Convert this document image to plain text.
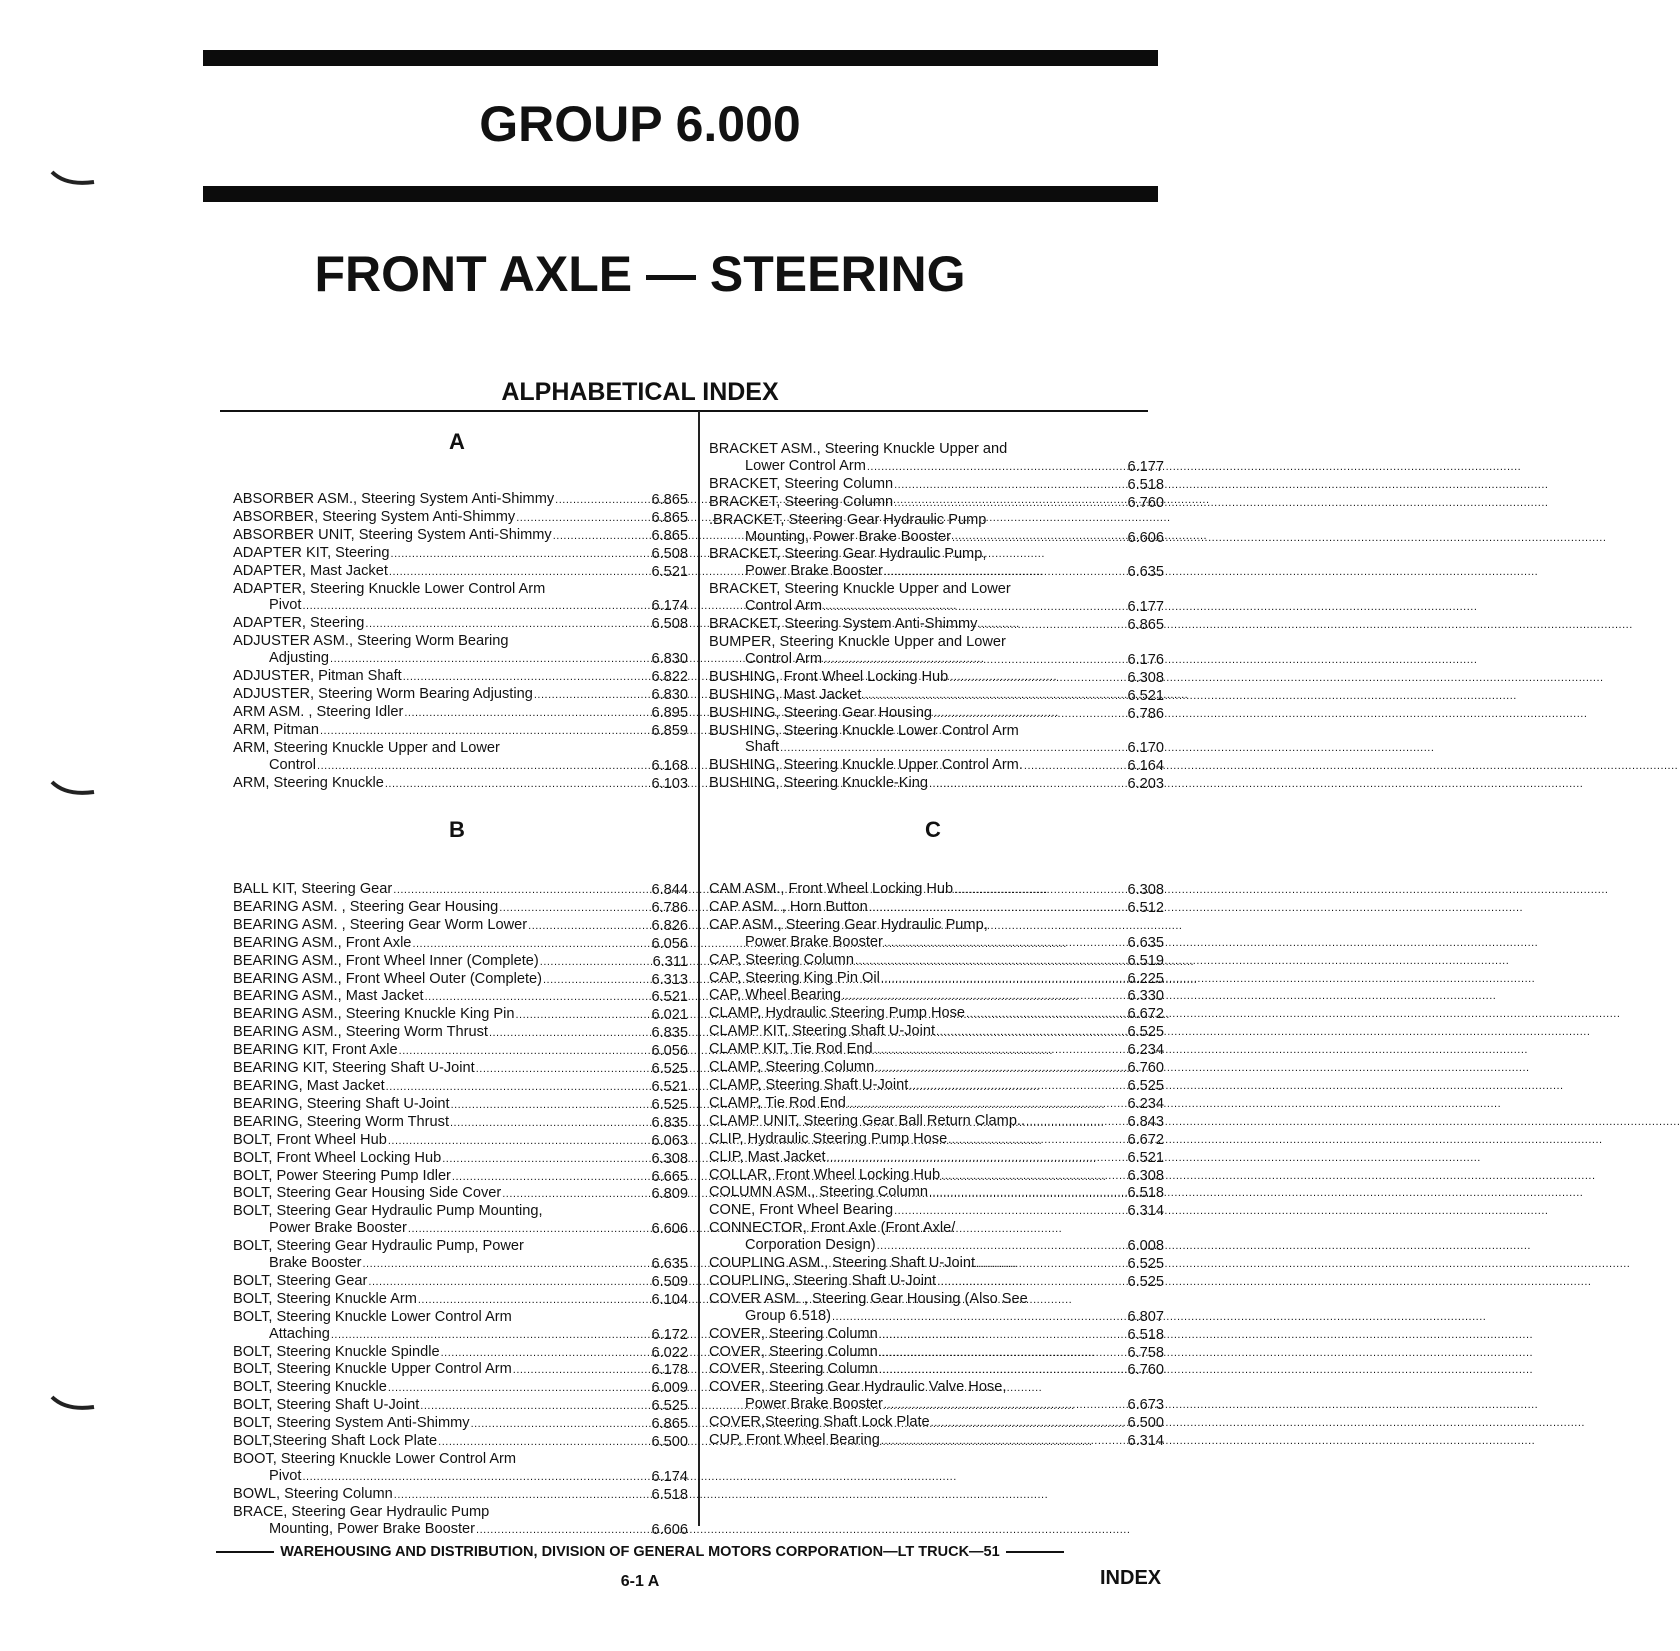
GROUP 6.000
FRONT AXLE — STEERING
ALPHABETICAL INDEX
A
B	C
ABSORBER ASM., Steering System Anti-Shimmy .....	6.865
ABSORBER, Steering System Anti-Shimmy .....	6.865
ABSORBER UNIT, Steering System Anti-Shimmy .....	6.865
ADAPTER KIT, Steering .....	6.508
ADAPTER, Mast Jacket .....	6.521
ADAPTER, Steering Knuckle Lower Control Arm
Pivot .....	6.174
ADAPTER, Steering .....	6.508
ADJUSTER ASM., Steering Worm Bearing
Adjusting .....	6.830
ADJUSTER, Pitman Shaft .....	6.822
ADJUSTER, Steering Worm Bearing Adjusting .....	6.830
ARM ASM. , Steering Idler .....	6.895
ARM, Pitman .....	6.859
ARM, Steering Knuckle Upper and Lower
Control .....	6.168
ARM, Steering Knuckle .....	6.103
BALL KIT, Steering Gear .....	6.844
BEARING ASM. , Steering Gear Housing .....	6.786
BEARING ASM. , Steering Gear Worm Lower .....	6.826
BEARING ASM., Front Axle .....	6.056
BEARING ASM., Front Wheel Inner (Complete) .....	6.311
BEARING ASM., Front Wheel Outer (Complete) .....	6.313
BEARING ASM., Mast Jacket .....	6.521
BEARING ASM., Steering Knuckle King Pin .....	6.021
BEARING ASM., Steering Worm Thrust .....	6.835
BEARING KIT, Front Axle .....	6.056
BEARING KIT, Steering Shaft U-Joint .....	6.525
BEARING, Mast Jacket .....	6.521
BEARING, Steering Shaft U-Joint .....	6.525
BEARING, Steering Worm Thrust .....	6.835
BOLT, Front Wheel Hub .....	6.063
BOLT, Front Wheel Locking Hub .....	6.308
BOLT, Power Steering Pump Idler .....	6.665
BOLT, Steering Gear Housing Side Cover .....	6.809
BOLT, Steering Gear Hydraulic Pump Mounting,
Power Brake Booster .....	6.606
BOLT, Steering Gear Hydraulic Pump, Power
Brake Booster .....	6.635
BOLT, Steering Gear .....	6.509
BOLT, Steering Knuckle Arm .....	6.104
BOLT, Steering Knuckle Lower Control Arm
Attaching .....	6.172
BOLT, Steering Knuckle Spindle .....	6.022
BOLT, Steering Knuckle Upper Control Arm .....	6.178
BOLT, Steering Knuckle .....	6.009
BOLT, Steering Shaft U-Joint .....	6.525
BOLT, Steering System Anti-Shimmy .....	6.865
BOLT,Steering Shaft Lock Plate .....	6.500
BOOT, Steering Knuckle Lower Control Arm
Pivot .....	6.174
BOWL, Steering Column .....	6.518
BRACE, Steering Gear Hydraulic Pump
Mounting, Power Brake Booster .....	6.606
BRACKET ASM., Steering Knuckle Upper and
Lower Control Arm .....	6.177
BRACKET, Steering Column .....	6.518
BRACKET, Steering Column .....	6.760
.BRACKET, Steering Gear Hydraulic Pump
Mounting, Power Brake Booster .....	6.606
BRACKET, Steering Gear Hydraulic Pump,
Power Brake Booster .....	6.635
BRACKET, Steering Knuckle Upper and Lower
Control Arm .....	6.177
BRACKET, Steering System Anti-Shimmy .....	6.865
BUMPER, Steering Knuckle Upper and Lower
Control Arm .....	6.176
BUSHING, Front Wheel Locking Hub .....	6.308
BUSHING, Mast Jacket .....	6.521
BUSHING, Steering Gear Housing .....	6.786
BUSHING, Steering Knuckle Lower Control Arm
Shaft .....	6.170
BUSHING, Steering Knuckle Upper Control Arm. .....	6.164
BUSHING, Steering Knuckle-King .....	6.203
CAM ASM., Front Wheel Locking Hub .....	6.308
CAP ASM. , Horn Button .....	6.512
CAP ASM., Steering Gear Hydraulic Pump,
Power Brake Booster .....	6.635
CAP, Steering Column .....	6.519
CAP, Steering King Pin Oil .....	6.225
CAP, Wheel Bearing .....	6.330
CLAMP, Hydraulic Steering Pump Hose .....	6.672
CLAMP KIT, Steering Shaft U-Joint .....	6.525
CLAMP KIT, Tie Rod End .....	6.234
CLAMP, Steering Column .....	6.760
CLAMP, Steering Shaft U-Joint .....	6.525
CLAMP, Tie Rod End .....	6.234
CLAMP UNIT, Steering Gear Ball Return Clamp.. .....	6.843
CLIP, Hydraulic Steering Pump Hose .....	6.672
CLIP, Mast Jacket .....	6.521
COLLAR, Front Wheel Locking Hub .....	6.308
COLUMN ASM., Steering Column .....	6.518
CONE, Front Wheel Bearing .....	6.314
CONNECTOR, Front Axle (Front Axle/
Corporation Design) .....	6.008
COUPLING ASM., Steering Shaft U-Joint .....	6.525
COUPLING, Steering Shaft U-Joint .....	6.525
COVER ASM. , Steering Gear Housing (Also See
Group 6.518) .....	6.807
COVER, Steering Column .....	6.518
COVER, Steering Column .....	6.758
COVER, Steering Column .....	6.760
COVER, Steering Gear Hydraulic Valve Hose,
Power Brake Booster .....	6.673
COVER,Steering Shaft Lock Plate .....	6.500
CUP, Front Wheel Bearing .....	6.314
WAREHOUSING AND DISTRIBUTION, DIVISION OF GENERAL MOTORS CORPORATION—LT TRUCK—51
6-1 A	INDEX
